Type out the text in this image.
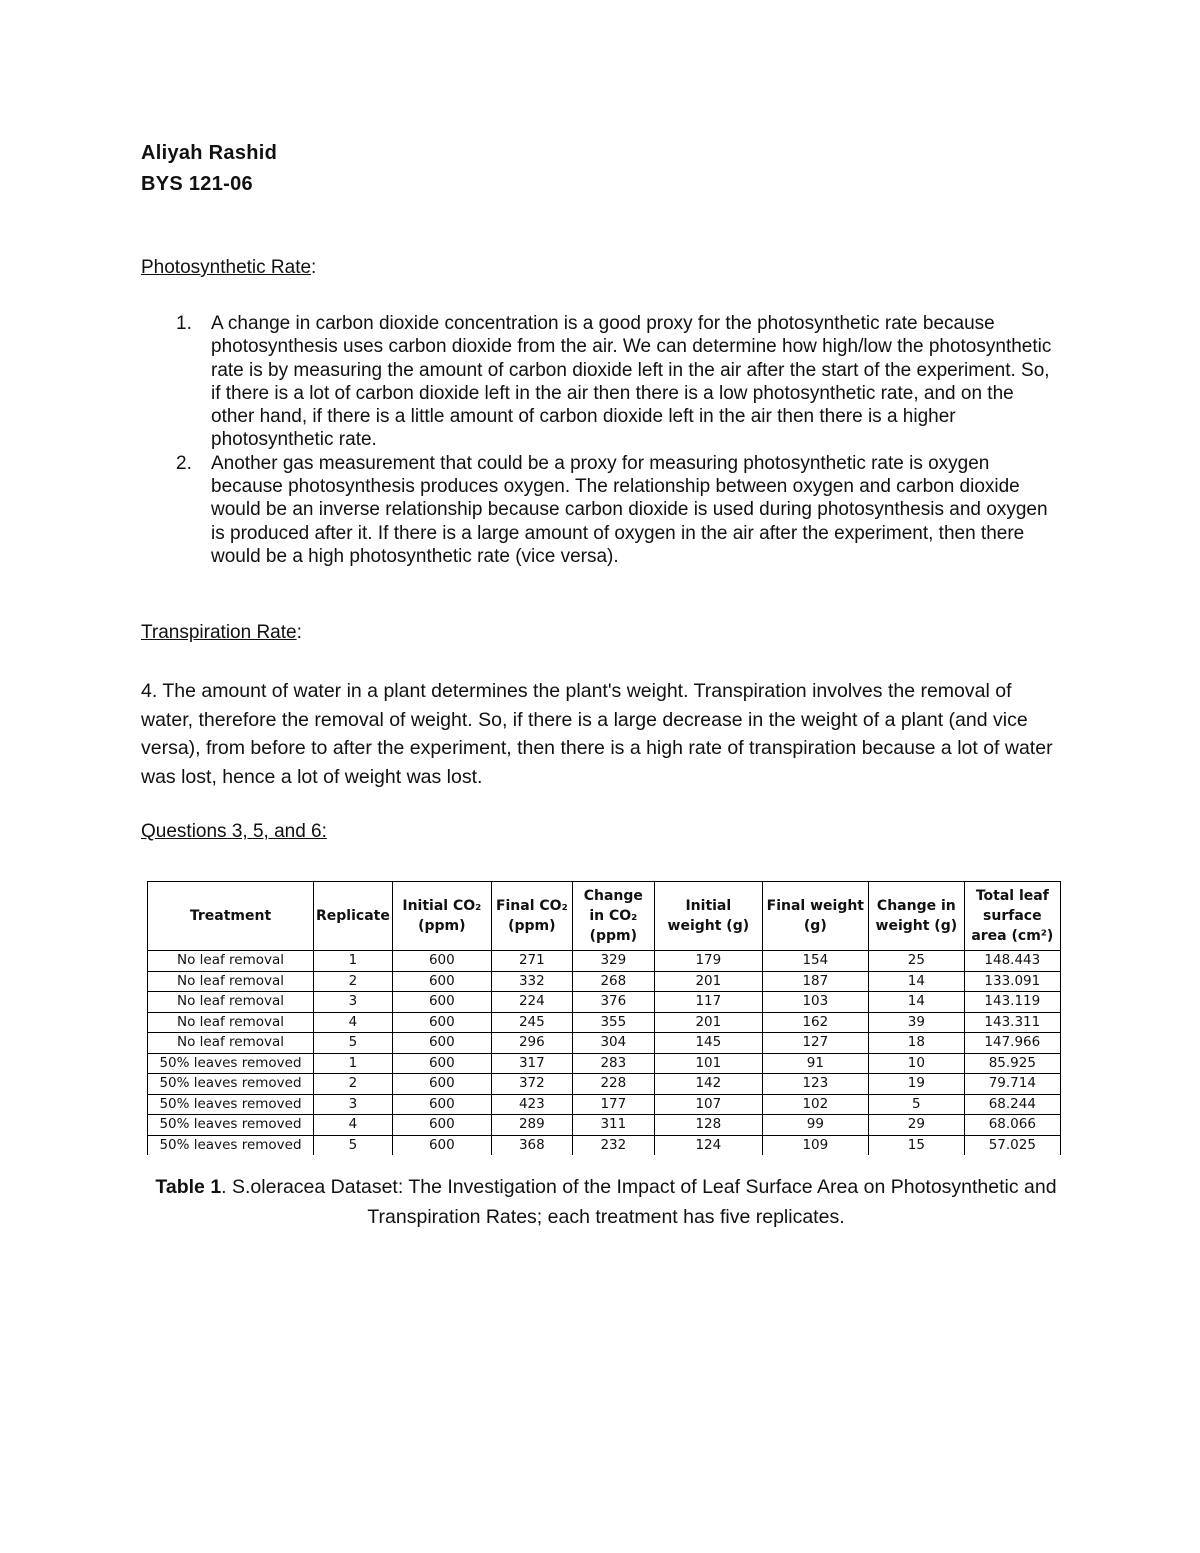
Aliyah Rashid
BYS 121-06
Photosynthetic Rate:
1. A change in carbon dioxide concentration is a good proxy for the photosynthetic rate because photosynthesis uses carbon dioxide from the air. We can determine how high/low the photosynthetic rate is by measuring the amount of carbon dioxide left in the air after the start of the experiment. So, if there is a lot of carbon dioxide left in the air then there is a low photosynthetic rate, and on the other hand, if there is a little amount of carbon dioxide left in the air then there is a higher photosynthetic rate.
2. Another gas measurement that could be a proxy for measuring photosynthetic rate is oxygen because photosynthesis produces oxygen. The relationship between oxygen and carbon dioxide would be an inverse relationship because carbon dioxide is used during photosynthesis and oxygen is produced after it. If there is a large amount of oxygen in the air after the experiment, then there would be a high photosynthetic rate (vice versa).
Transpiration Rate:
4. The amount of water in a plant determines the plant's weight. Transpiration involves the removal of water, therefore the removal of weight. So, if there is a large decrease in the weight of a plant (and vice versa), from before to after the experiment, then there is a high rate of transpiration because a lot of water was lost, hence a lot of weight was lost.
Questions 3, 5, and 6:
Treatment	Replicate	Initial CO₂ (ppm)	Final CO₂ (ppm)	Change in CO₂ (ppm)	Initial weight (g)	Final weight (g)	Change in weight (g)	Total leaf surface area (cm²)
No leaf removal	1	600	271	329	179	154	25	148.443
No leaf removal	2	600	332	268	201	187	14	133.091
No leaf removal	3	600	224	376	117	103	14	143.119
No leaf removal	4	600	245	355	201	162	39	143.311
No leaf removal	5	600	296	304	145	127	18	147.966
50% leaves removed	1	600	317	283	101	91	10	85.925
50% leaves removed	2	600	372	228	142	123	19	79.714
50% leaves removed	3	600	423	177	107	102	5	68.244
50% leaves removed	4	600	289	311	128	99	29	68.066
50% leaves removed	5	600	368	232	124	109	15	57.025
Table 1. S.oleracea Dataset: The Investigation of the Impact of Leaf Surface Area on Photosynthetic and Transpiration Rates; each treatment has five replicates.
